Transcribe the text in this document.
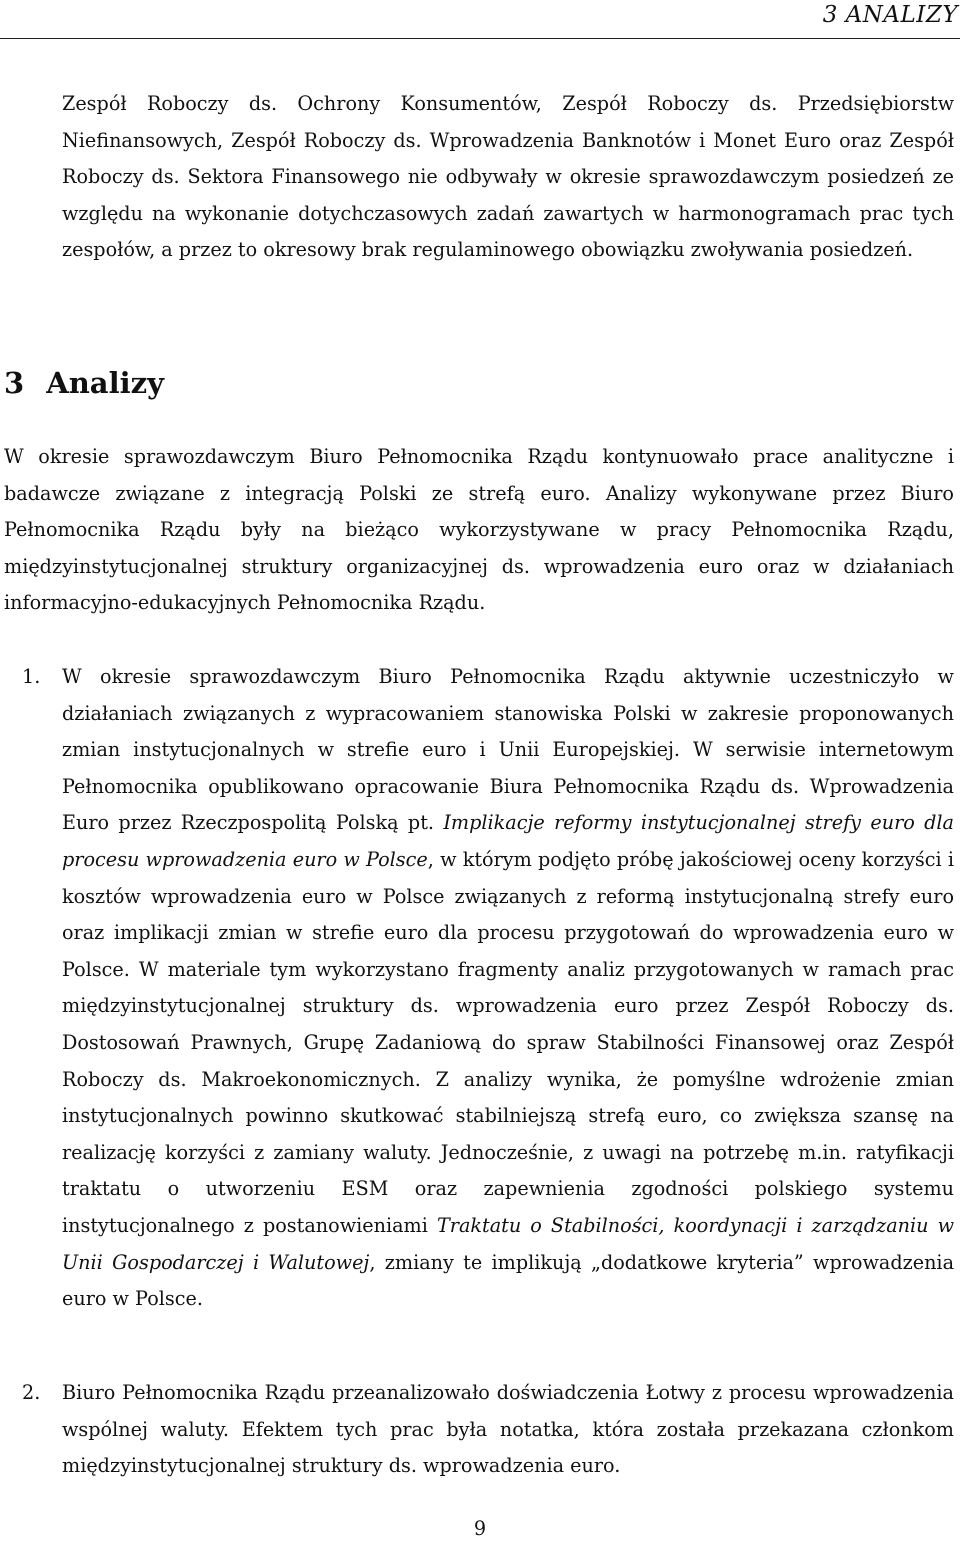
3 ANALIZY

Zespół Roboczy ds. Ochrony Konsumentów, Zespół Roboczy ds. Przedsiębiorstw Niefinansowych, Zespół Roboczy ds. Wprowadzenia Banknotów i Monet Euro oraz Zespół Roboczy ds. Sektora Finansowego nie odbywały w okresie sprawozdawczym posiedzeń ze względu na wykonanie dotychczasowych zadań zawartych w harmonogramach prac tych zespołów, a przez to okresowy brak regulaminowego obowiązku zwoływania posiedzeń.

3 Analizy

W okresie sprawozdawczym Biuro Pełnomocnika Rządu kontynuowało prace analityczne i badawcze związane z integracją Polski ze strefą euro. Analizy wykonywane przez Biuro Pełnomocnika Rządu były na bieżąco wykorzystywane w pracy Pełnomocnika Rządu, międzyinstytucjonalnej struktury organizacyjnej ds. wprowadzenia euro oraz w działaniach informacyjno-edukacyjnych Pełnomocnika Rządu.

1. W okresie sprawozdawczym Biuro Pełnomocnika Rządu aktywnie uczestniczyło w działaniach związanych z wypracowaniem stanowiska Polski w zakresie proponowanych zmian instytucjonalnych w strefie euro i Unii Europejskiej. W serwisie internetowym Pełnomocnika opublikowano opracowanie Biura Pełnomocnika Rządu ds. Wprowadzenia Euro przez Rzeczpospolitą Polską pt. Implikacje reformy instytucjonalnej strefy euro dla procesu wprowadzenia euro w Polsce, w którym podjęto próbę jakościowej oceny korzyści i kosztów wprowadzenia euro w Polsce związanych z reformą instytucjonalną strefy euro oraz implikacji zmian w strefie euro dla procesu przygotowań do wprowadzenia euro w Polsce. W materiale tym wykorzystano fragmenty analiz przygotowanych w ramach prac międzyinstytucjonalnej struktury ds. wprowadzenia euro przez Zespół Roboczy ds. Dostosowań Prawnych, Grupę Zadaniową do spraw Stabilności Finansowej oraz Zespół Roboczy ds. Makroekonomicznych. Z analizy wynika, że pomyślne wdrożenie zmian instytucjonalnych powinno skutkować stabilniejszą strefą euro, co zwiększa szansę na realizację korzyści z zamiany waluty. Jednocześnie, z uwagi na potrzebę m.in. ratyfikacji traktatu o utworzeniu ESM oraz zapewnienia zgodności polskiego systemu instytucjonalnego z postanowieniami Traktatu o Stabilności, koordynacji i zarządzaniu w Unii Gospodarczej i Walutowej, zmiany te implikują „dodatkowe kryteria” wprowadzenia euro w Polsce.

2. Biuro Pełnomocnika Rządu przeanalizowało doświadczenia Łotwy z procesu wprowadzenia wspólnej waluty. Efektem tych prac była notatka, która została przekazana członkom międzyinstytucjonalnej struktury ds. wprowadzenia euro.

9
